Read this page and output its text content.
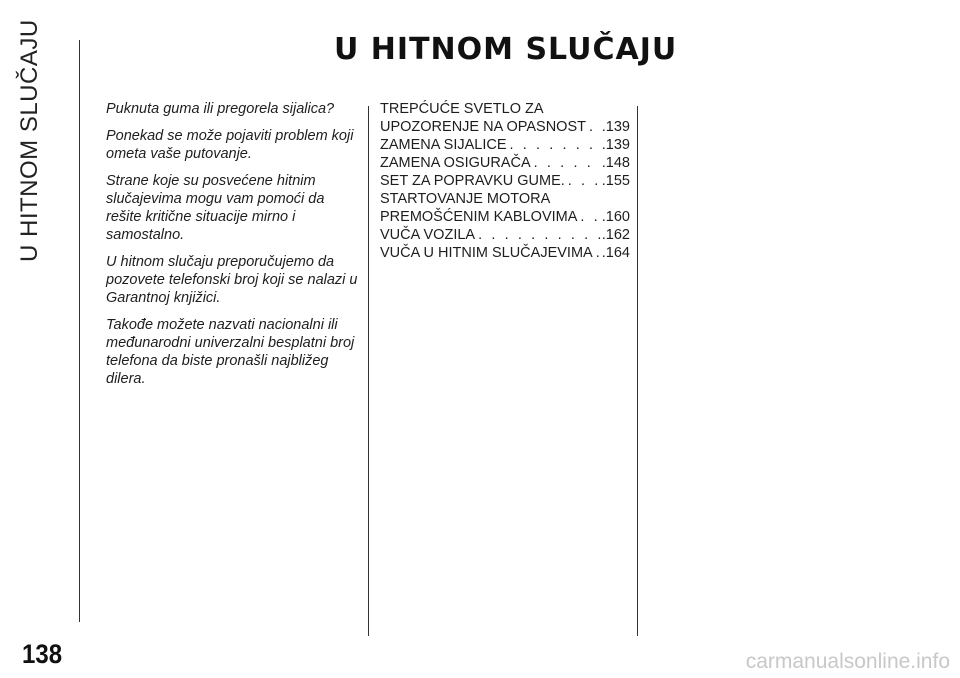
U HITNOM SLUČAJU
138
U HITNOM SLUČAJU

Puknuta guma ili pregorela sijalica?

Ponekad se može pojaviti problem koji ometa vaše putovanje.

Strane koje su posvećene hitnim slučajevima mogu vam pomoći da rešite kritične situacije mirno i samostalno.

U hitnom slučaju preporučujemo da pozovete telefonski broj koji se nalazi u Garantnoj knjižici.

Takođe možete nazvati nacionalni ili međunarodni univerzalni besplatni broj telefona da biste pronašli najbližeg dilera.

TREPĆUĆE SVETLO ZA
UPOZORENJE NA OPASNOST . . . .139
ZAMENA SIJALICE . . .	.139
ZAMENA OSIGURAČA . . .	.148
SET ZA POPRAVKU GUME. . . .	.155
STARTOVANJE MOTORA
PREMOŠĆENIM KABLOVIMA . . . .160
VUČA VOZILA . . .	.162
VUČA U HITNIM SLUČAJEVIMA . . . .164
carmanualsonline.info
